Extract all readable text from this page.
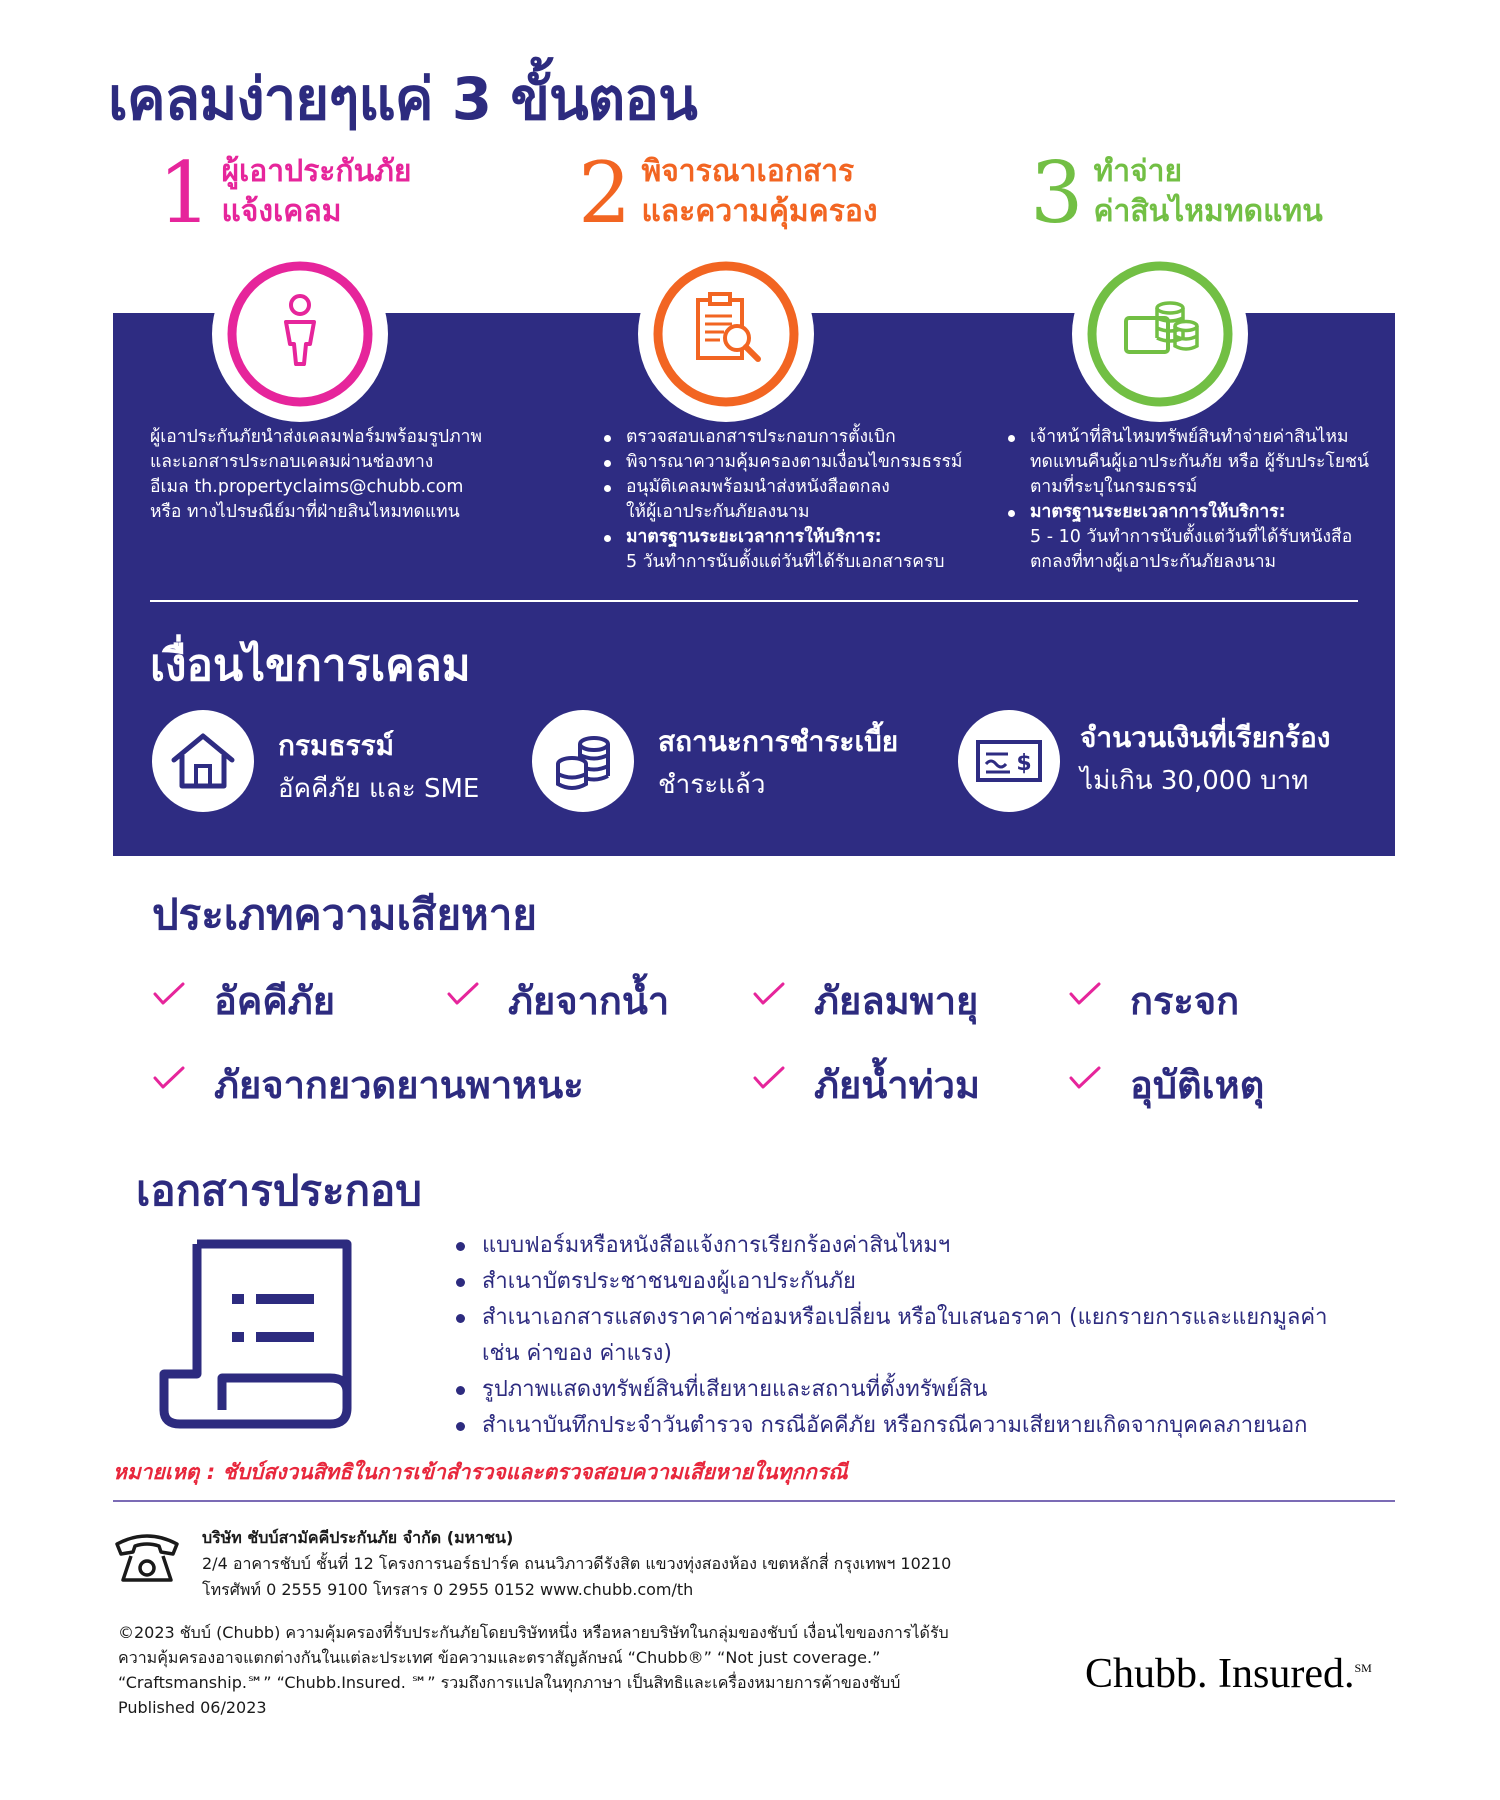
เคลมง่ายๆแค่ 3 ขั้นตอน
1 ผู้เอาประกันภัย
แจ้งเคลม	2 พิจารณาเอกสาร
และความคุ้มครอง 3 ทำจ่าย
ค่าสินไหมทดแทน
ผู้เอาประกันภัยนำส่งเคลมฟอร์มพร้อมรูปภาพ
และเอกสารประกอบเคลมผ่านช่องทาง
อีเมล th.propertyclaims@chubb.com
หรือ ทางไปรษณีย์มาที่ฝ่ายสินไหมทดแทน
ตรวจสอบเอกสารประกอบการตั้งเบิก
พิจารณาความคุ้มครองตามเงื่อนไขกรมธรรม์
อนุมัติเคลมพร้อมนำส่งหนังสือตกลง
ให้ผู้เอาประกันภัยลงนาม
มาตรฐานระยะเวลาการให้บริการ:
5 วันทำการนับตั้งแต่วันที่ได้รับเอกสารครบ
เจ้าหน้าที่สินไหมทรัพย์สินทำจ่ายค่าสินไหม
ทดแทนคืนผู้เอาประกันภัย หรือ ผู้รับประโยชน์
ตามที่ระบุในกรมธรรม์
มาตรฐานระยะเวลาการให้บริการ:
5 - 10 วันทำการนับตั้งแต่วันที่ได้รับหนังสือ
ตกลงที่ทางผู้เอาประกันภัยลงนาม
เงื่อนไขการเคลม
กรมธรรม์
อัคคีภัย และ SME
สถานะการชำระเบี้ย
ชำระแล้ว
$
จำนวนเงินที่เรียกร้อง
ไม่เกิน 30,000 บาท
ประเภทความเสียหาย
อัคคีภัย	ภัยจากน้ำ	ภัยลมพายุ	กระจก
ภัยจากยวดยานพาหนะ	ภัยน้ำท่วม	อุบัติเหตุ
เอกสารประกอบ
แบบฟอร์มหรือหนังสือแจ้งการเรียกร้องค่าสินไหมฯ
สำเนาบัตรประชาชนของผู้เอาประกันภัย
สำเนาเอกสารแสดงราคาค่าซ่อมหรือเปลี่ยน หรือใบเสนอราคา (แยกรายการและแยกมูลค่า
เช่น ค่าของ ค่าแรง)
รูปภาพแสดงทรัพย์สินที่เสียหายและสถานที่ตั้งทรัพย์สิน
สำเนาบันทึกประจำวันตำรวจ กรณีอัคคีภัย หรือกรณีความเสียหายเกิดจากบุคคลภายนอก
หมายเหตุ : ชับบ์สงวนสิทธิในการเข้าสำรวจและตรวจสอบความเสียหายในทุกกรณี
บริษัท ชับบ์สามัคคีประกันภัย จำกัด (มหาชน)
2/4 อาคารชับบ์ ชั้นที่ 12 โครงการนอร์ธปาร์ค ถนนวิภาวดีรังสิต แขวงทุ่งสองห้อง เขตหลักสี่ กรุงเทพฯ 10210
โทรศัพท์ 0 2555 9100 โทรสาร 0 2955 0152 www.chubb.com/th
©2023 ชับบ์ (Chubb) ความคุ้มครองที่รับประกันภัยโดยบริษัทหนึ่ง หรือหลายบริษัทในกลุ่มของชับบ์ เงื่อนไขของการได้รับ
ความคุ้มครองอาจแตกต่างกันในแต่ละประเทศ ข้อความและตราสัญลักษณ์ “Chubb®” “Not just coverage.”
“Craftsmanship.℠” “Chubb.Insured. ℠” รวมถึงการแปลในทุกภาษา เป็นสิทธิและเครื่องหมายการค้าของชับบ์
Published 06/2023
Chubb. Insured.℠
